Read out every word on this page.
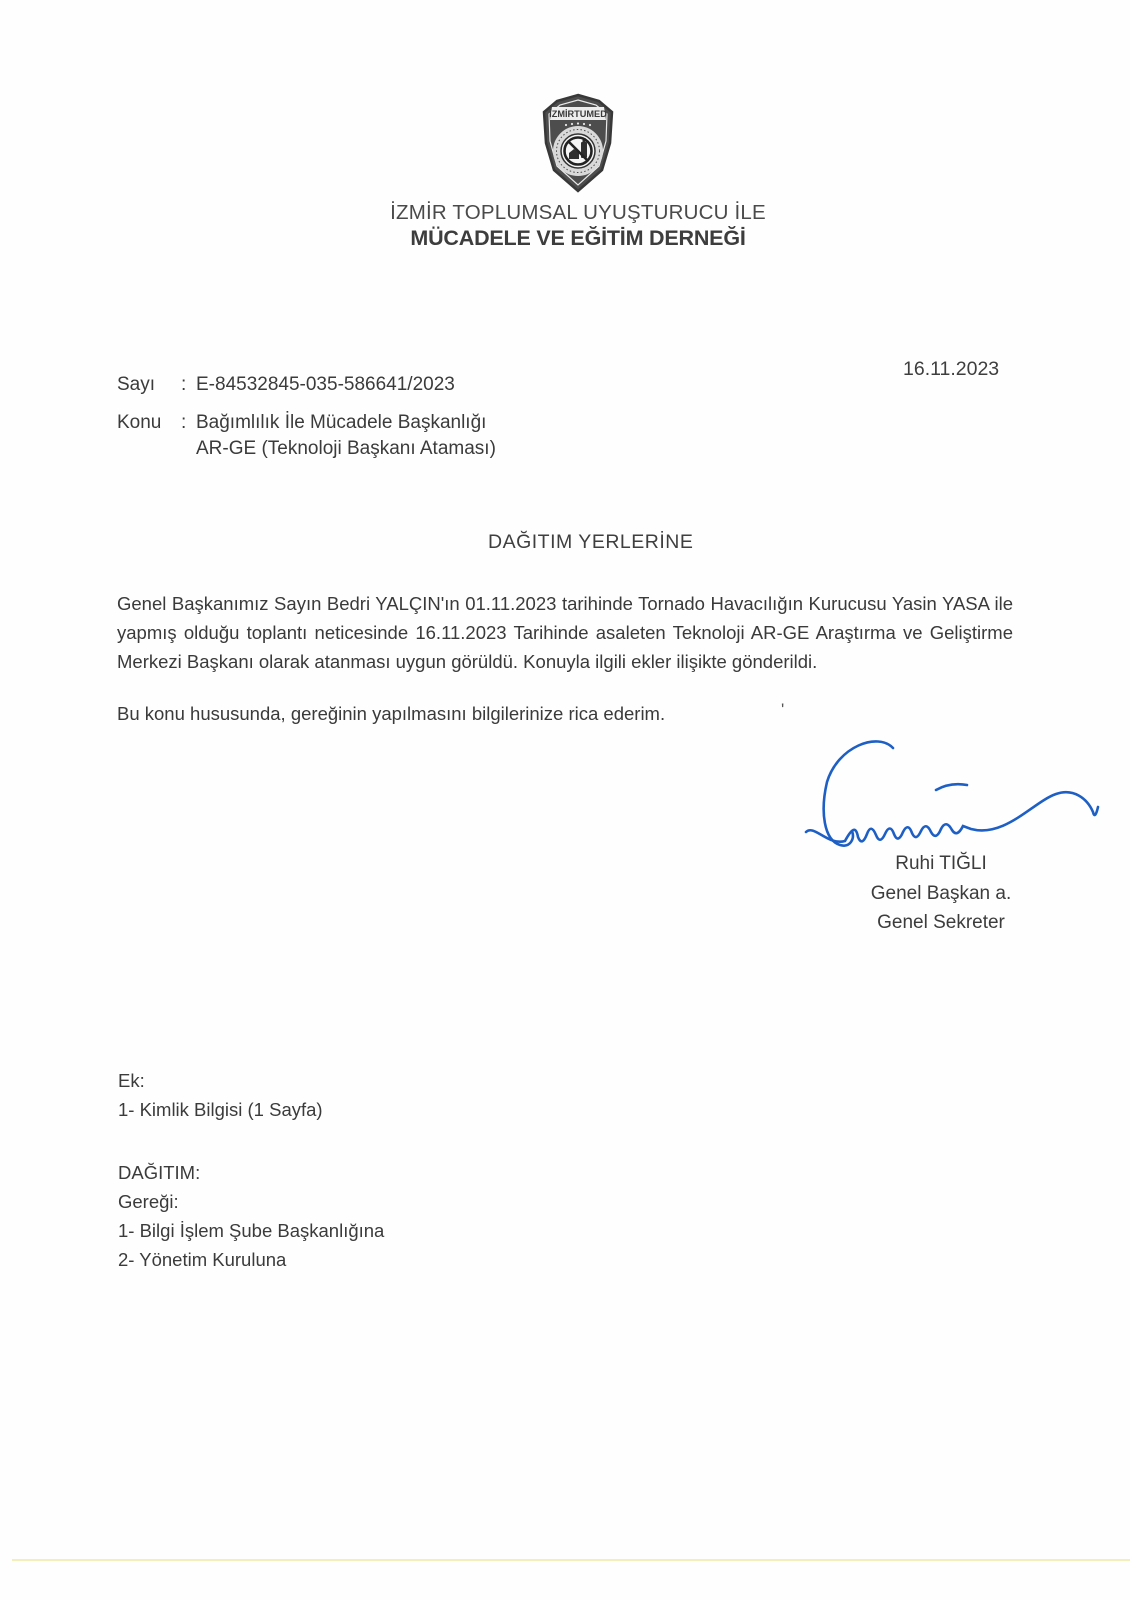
İZMİRTUMED
İZMİR TOPLUMSAL UYUŞTURUCU İLE
MÜCADELE VE EĞİTİM DERNEĞİ
16.11.2023
Sayı : E-84532845-035-586641/2023
Konu : Bağımlılık İle Mücadele Başkanlığı
AR-GE (Teknoloji Başkanı Ataması)
DAĞITIM YERLERİNE
Genel Başkanımız Sayın Bedri YALÇIN'ın 01.11.2023 tarihinde Tornado Havacılığın Kurucusu Yasin YASA ile yapmış olduğu toplantı neticesinde 16.11.2023 Tarihinde asaleten Teknoloji AR-GE Araştırma ve Geliştirme Merkezi Başkanı olarak atanması uygun görüldü. Konuyla ilgili ekler ilişikte gönderildi.
Bu konu hususunda, gereğinin yapılmasını bilgilerinize rica ederim.	'
Ruhi TIĞLI
Genel Başkan a.
Genel Sekreter
Ek:
1- Kimlik Bilgisi (1 Sayfa)
DAĞITIM:
Gereği:
1- Bilgi İşlem Şube Başkanlığına
2- Yönetim Kuruluna
